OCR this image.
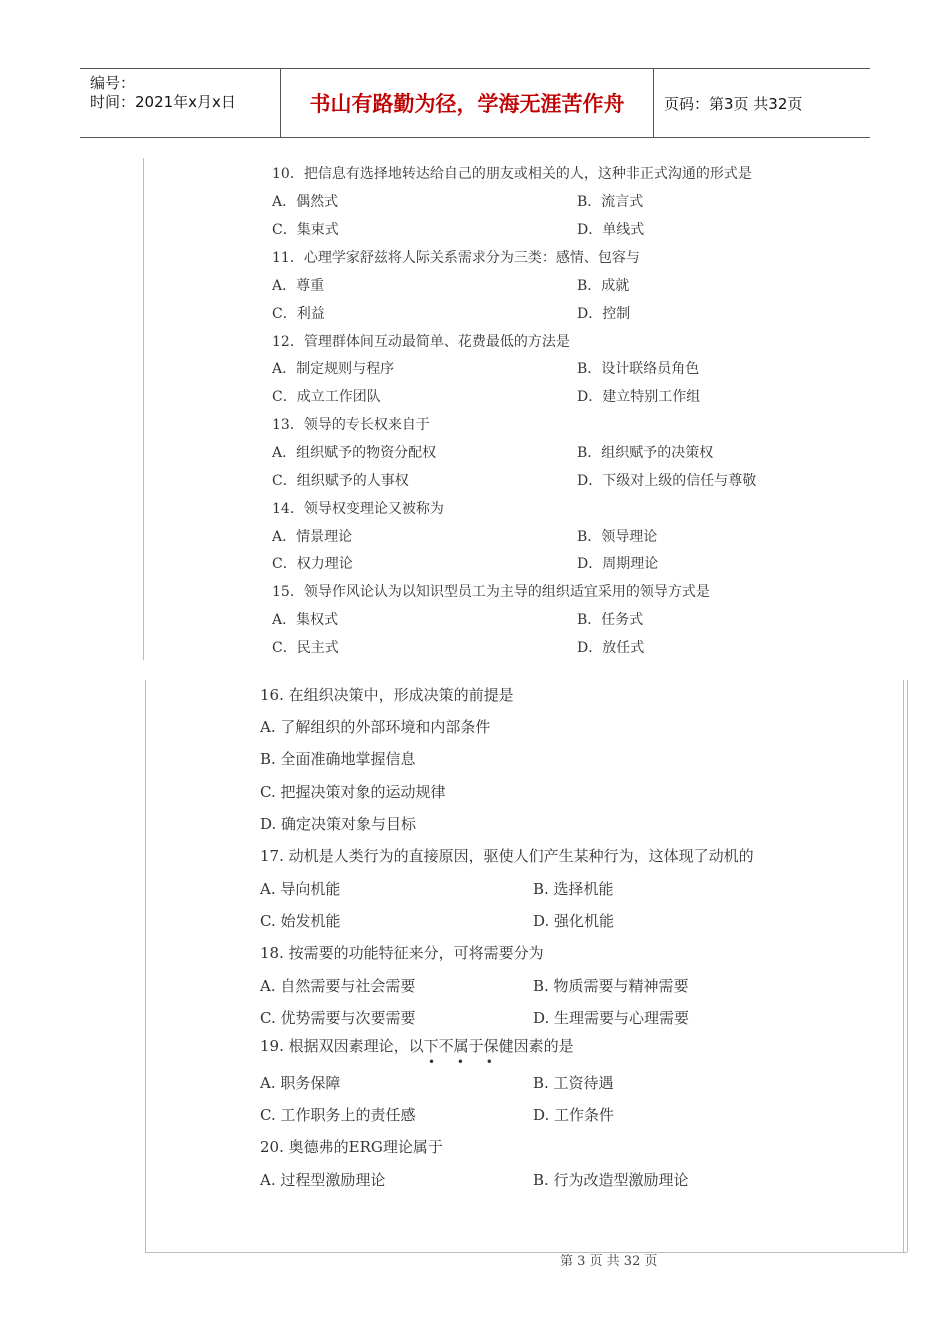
编号：
时间：2021年x月x日	书山有路勤为径，学海无涯苦作舟	页码：第3页 共32页
10．把信息有选择地转达给自己的朋友或相关的人，这种非正式沟通的形式是
A．偶然式	B．流言式
C．集束式	D．单线式
11．心理学家舒兹将人际关系需求分为三类：感情、包容与
A．尊重	B．成就
C．利益	D．控制
12．管理群体间互动最简单、花费最低的方法是
A．制定规则与程序	B．设计联络员角色
C．成立工作团队	D．建立特别工作组
13．领导的专长权来自于
A．组织赋予的物资分配权	B．组织赋予的决策权
C．组织赋予的人事权	D．下级对上级的信任与尊敬
14．领导权变理论又被称为
A．情景理论	B．领导理论
C．权力理论	D．周期理论
15．领导作风论认为以知识型员工为主导的组织适宜采用的领导方式是
A．集权式	B．任务式
C．民主式	D．放任式
16. 在组织决策中，形成决策的前提是
A. 了解组织的外部环境和内部条件
B. 全面准确地掌握信息
C. 把握决策对象的运动规律
D. 确定决策对象与目标
17. 动机是人类行为的直接原因，驱使人们产生某种行为，这体现了动机的
A. 导向机能	B. 选择机能
C. 始发机能	D. 强化机能
18. 按需要的功能特征来分，可将需要分为
A. 自然需要与社会需要	B. 物质需要与精神需要
C. 优势需要与次要需要	D. 生理需要与心理需要
19. 根据双因素理论，以下不属于保健因素的是
• • •
A. 职务保障	B. 工资待遇
C. 工作职务上的责任感	D. 工作条件
20. 奥德弗的ERG理论属于
A. 过程型激励理论	B. 行为改造型激励理论
第 3 页 共 32 页
